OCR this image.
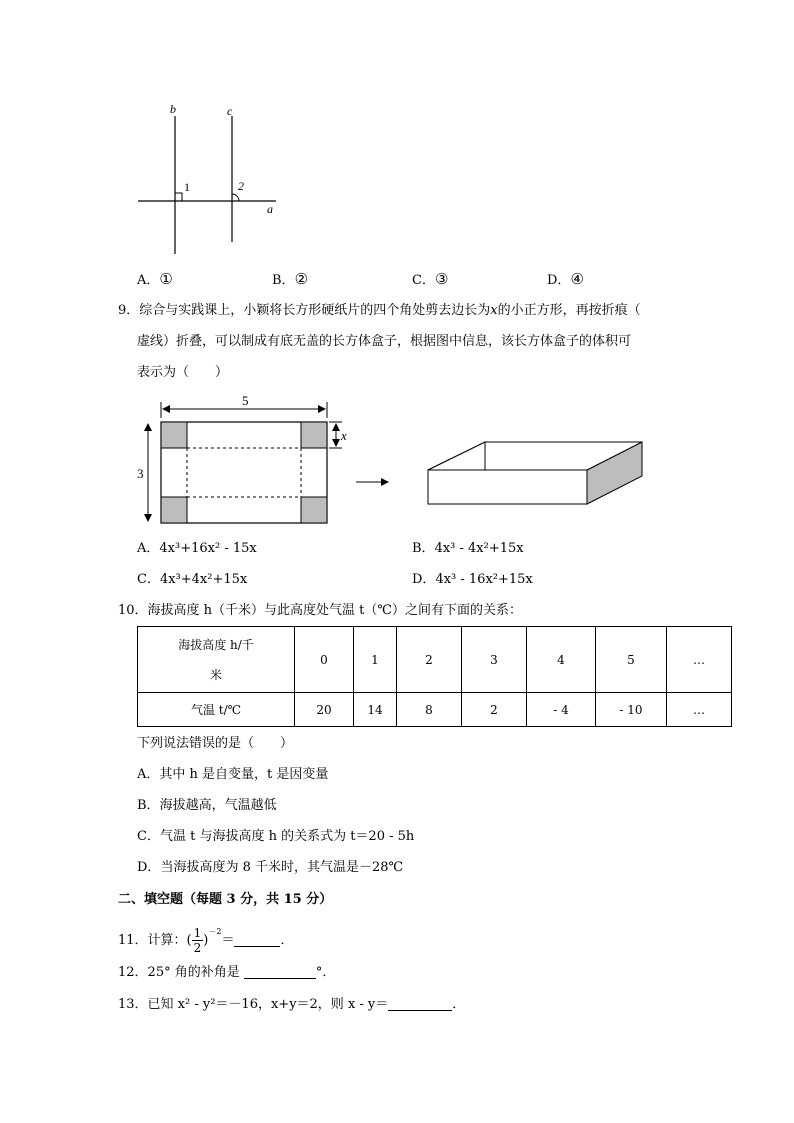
b	c
a
1	2
A．①	B．②	C．③	D．④
9．综合与实践课上，小颖将长方形硬纸片的四个角处剪去边长为x的小正方形，再按折痕（
虚线）折叠，可以制成有底无盖的长方体盒子，根据图中信息，该长方体盒子的体积可
表示为（　　）
5
3
x
A．4x³+16x² - 15x	B．4x³ - 4x²+15x
C．4x³+4x²+15x	D．4x³ - 16x²+15x
10．海拔高度 h（千米）与此高度处气温 t（℃）之间有下面的关系：
海拔高度 h/千
米	0	1	2	3	4	5	…
气温 t/℃	20	14	8	2	- 4	- 10	…
下列说法错误的是（　　）
A．其中 h 是自变量，t 是因变量
B．海拔越高，气温越低
C．气温 t 与海拔高度 h 的关系式为 t＝20 - 5h
D．当海拔高度为 8 千米时，其气温是－28℃
二、填空题（每题 3 分，共 15 分）
11．计算：( $\frac{1}{2} )^{-2}=$	．
12．25° 角的补角是	°．
13．已知 x² - y²＝－16，x+y＝2，则 x - y＝	．
